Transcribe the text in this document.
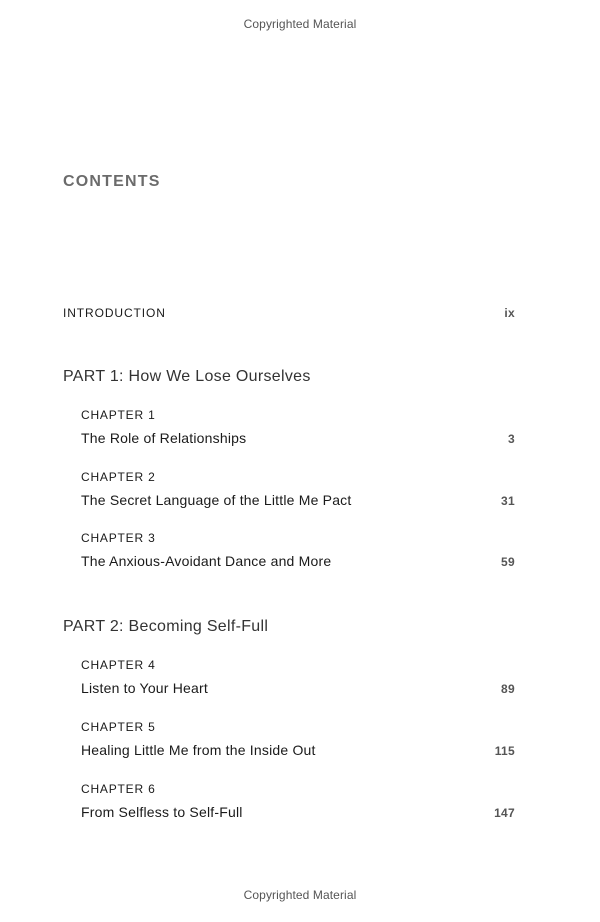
Copyrighted Material
CONTENTS
INTRODUCTION	ix
PART 1: How We Lose Ourselves
CHAPTER 1
The Role of Relationships	3
CHAPTER 2
The Secret Language of the Little Me Pact	31
CHAPTER 3
The Anxious-Avoidant Dance and More	59
PART 2: Becoming Self-Full
CHAPTER 4
Listen to Your Heart	89
CHAPTER 5
Healing Little Me from the Inside Out	115
CHAPTER 6
From Selfless to Self-Full	147
Copyrighted Material
